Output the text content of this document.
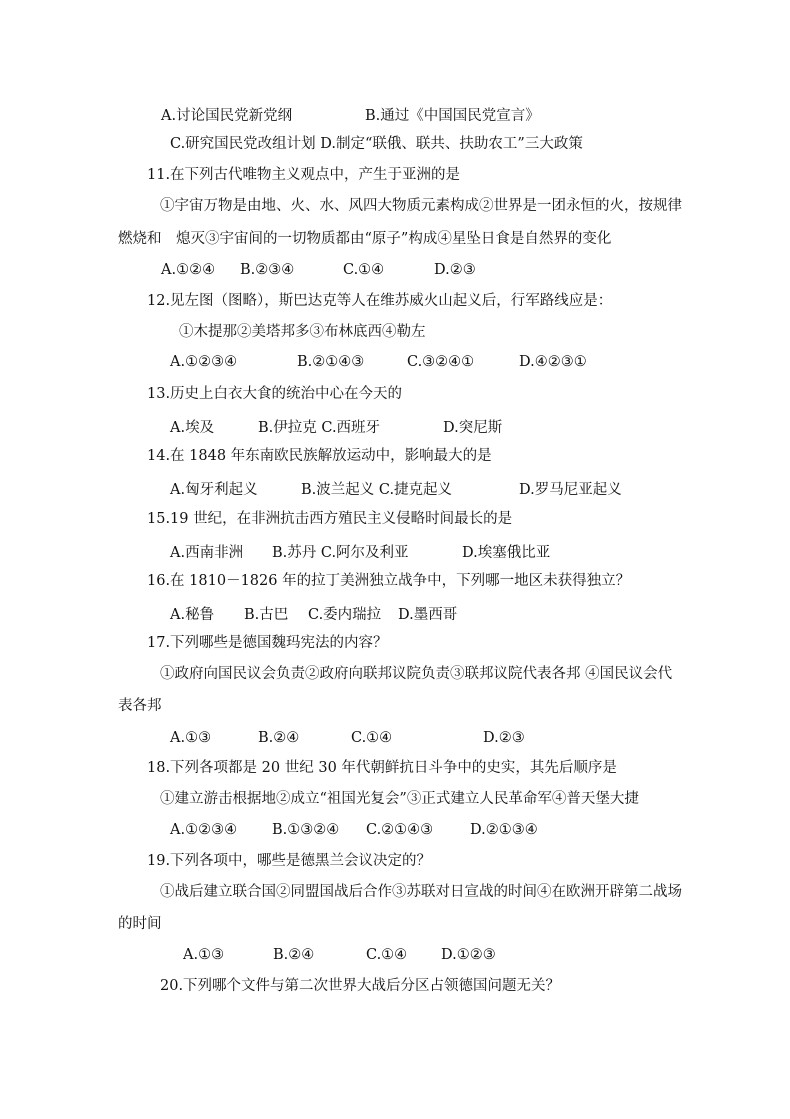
A.讨论国民党新党纲	B.通过《中国国民党宣言》
C.研究国民党改组计划 D.制定“联俄、联共、扶助农工”三大政策
11.在下列古代唯物主义观点中，产生于亚洲的是
①宇宙万物是由地、火、水、风四大物质元素构成②世界是一团永恒的火，按规律
燃烧和　熄灭③宇宙间的一切物质都由“原子”构成④星坠日食是自然界的变化
A.①②④ B.②③④	C.①④	D.②③
12.见左图（图略），斯巴达克等人在维苏威火山起义后，行军路线应是：
①木提那②美塔邦多③布林底西④勒左
A.①②③④	B.②①④③	C.③②④①	D.④②③①
13.历史上白衣大食的统治中心在今天的
A.埃及	B.伊拉克 C.西班牙	D.突尼斯
14.在 1848 年东南欧民族解放运动中，影响最大的是
A.匈牙利起义	B.波兰起义 C.捷克起义	D.罗马尼亚起义
15.19 世纪，在非洲抗击西方殖民主义侵略时间最长的是
A.西南非洲 B.苏丹 C.阿尔及利亚	D.埃塞俄比亚
16.在 1810－1826 年的拉丁美洲独立战争中，下列哪一地区未获得独立？
A.秘鲁 B.古巴 C.委内瑞拉 D.墨西哥
17.下列哪些是德国魏玛宪法的内容？
①政府向国民议会负责②政府向联邦议院负责③联邦议院代表各邦 ④国民议会代
表各邦
A.①③	B.②④	C.①④	D.②③
18.下列各项都是 20 世纪 30 年代朝鲜抗日斗争中的史实，其先后顺序是
①建立游击根据地②成立“祖国光复会”③正式建立人民革命军④普天堡大捷
A.①②③④ B.①③②④ C.②①④③	D.②①③④
19.下列各项中，哪些是德黑兰会议决定的？
①战后建立联合国②同盟国战后合作③苏联对日宣战的时间④在欧洲开辟第二战场
的时间
A.①③	B.②④	C.①④ D.①②③
20.下列哪个文件与第二次世界大战后分区占领德国问题无关？
